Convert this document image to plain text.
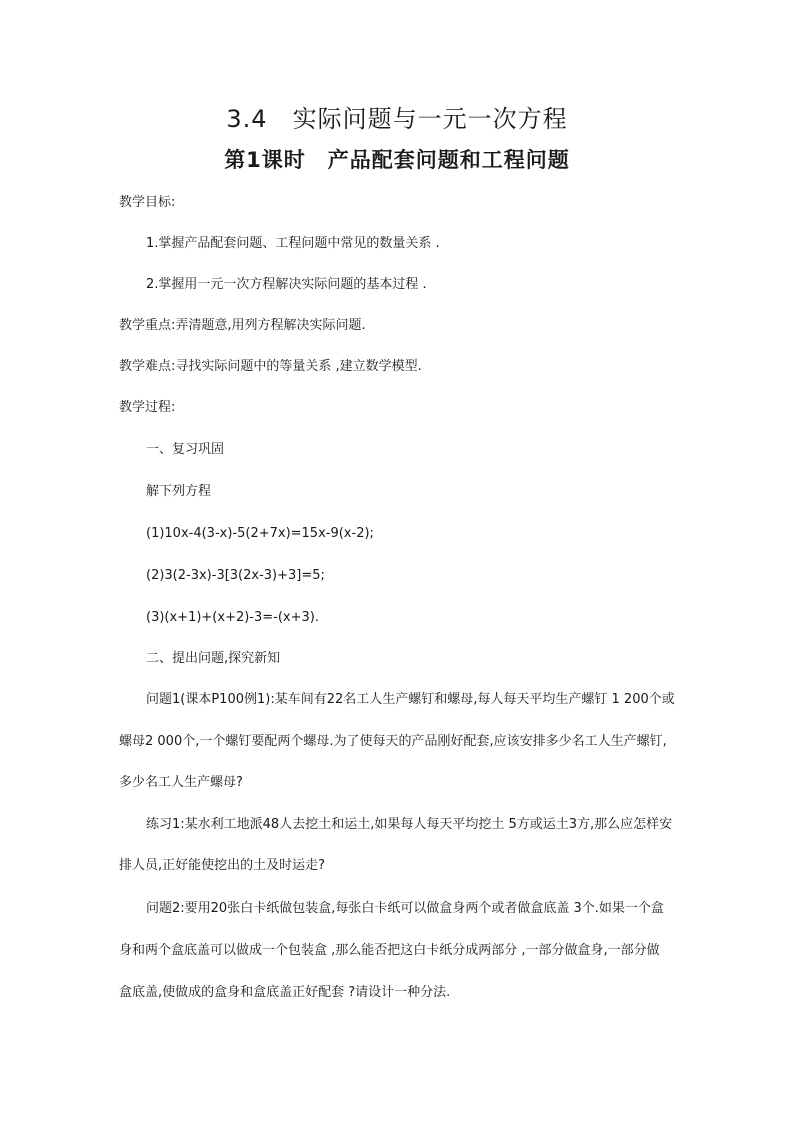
3.4　实际问题与一元一次方程
第1课时　产品配套问题和工程问题
教学目标:
1.掌握产品配套问题、工程问题中常见的数量关系 .
2.掌握用一元一次方程解决实际问题的基本过程 .
教学重点:弄清题意,用列方程解决实际问题.
教学难点:寻找实际问题中的等量关系 ,建立数学模型.
教学过程:
一、复习巩固
解下列方程
(1)10x-4(3-x)-5(2+7x)=15x-9(x-2);
(2)3(2-3x)-3[3(2x-3)+3]=5;
(3)(x+1)+(x+2)-3=-(x+3).
二、提出问题,探究新知
问题1(课本P100例1):某车间有22名工人生产螺钉和螺母,每人每天平均生产螺钉 1 200个或
螺母2 000个,一个螺钉要配两个螺母.为了使每天的产品刚好配套,应该安排多少名工人生产螺钉,
多少名工人生产螺母?
练习1:某水利工地派48人去挖土和运土,如果每人每天平均挖土 5方或运土3方,那么应怎样安
排人员,正好能使挖出的土及时运走?
问题2:要用20张白卡纸做包装盒,每张白卡纸可以做盒身两个或者做盒底盖 3个.如果一个盒
身和两个盒底盖可以做成一个包装盒 ,那么能否把这白卡纸分成两部分 ,一部分做盒身,一部分做
盒底盖,使做成的盒身和盒底盖正好配套 ?请设计一种分法.
